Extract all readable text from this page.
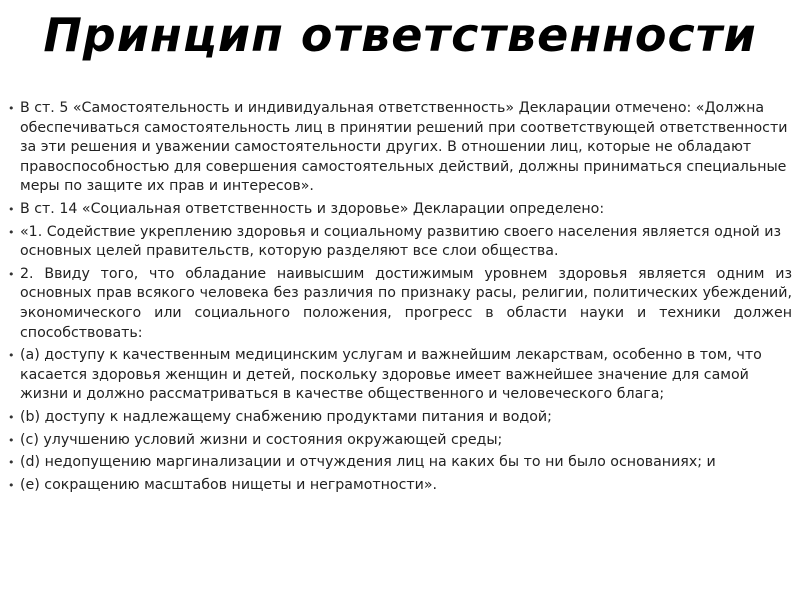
Принцип ответственности
• В ст. 5 «Самостоятельность и индивидуальная ответственность» Декларации отмечено: «Должна обеспечиваться самостоятельность лиц в принятии решений при соответствующей ответственности за эти решения и уважении самостоятельности других. В отношении лиц, которые не обладают правоспособностью для совершения самостоятельных действий, должны приниматься специальные меры по защите их прав и интересов».
• В ст. 14 «Социальная ответственность и здоровье» Декларации определено:
• «1. Содействие укреплению здоровья и социальному развитию своего населения является одной из основных целей правительств, которую разделяют все слои общества.
• 2. Ввиду того, что обладание наивысшим достижимым уровнем здоровья является одним из основных прав всякого человека без различия по признаку расы, религии, политических убеждений, экономического или социального положения, прогресс в области науки и техники должен способствовать:
• (a) доступу к качественным медицинским услугам и важнейшим лекарствам, особенно в том, что касается здоровья женщин и детей, поскольку здоровье имеет важнейшее значение для самой жизни и должно рассматриваться в качестве общественного и человеческого блага;
• (b) доступу к надлежащему снабжению продуктами питания и водой;
• (c) улучшению условий жизни и состояния окружающей среды;
• (d) недопущению маргинализации и отчуждения лиц на каких бы то ни было основаниях; и
• (e) сокращению масштабов нищеты и неграмотности».
